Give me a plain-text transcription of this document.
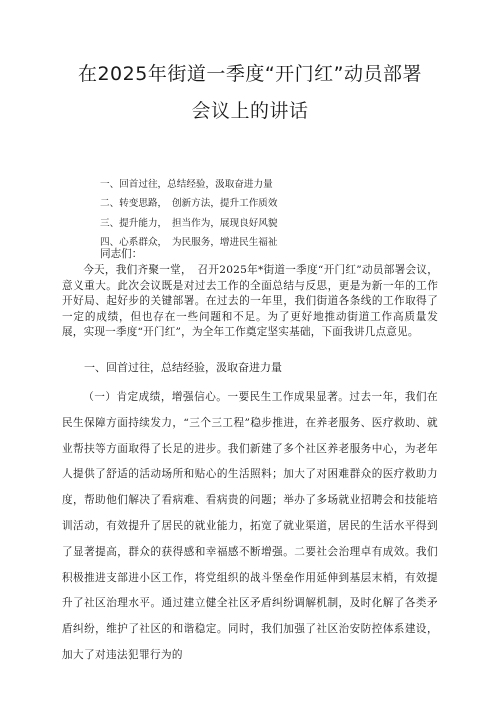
在2025年街道一季度“开门红”动员部署
会议上的讲话
一、回首过往，总结经验，汲取奋进力量
二、转变思路，　创新方法，提升工作质效
三、提升能力，　担当作为，展现良好风貌
四、心系群众，　为民服务，增进民生福祉
同志们：
今天，我们齐聚一堂，　召开2025年*街道一季度“开门红”动员部署会议，意义重大。此次会议既是对过去工作的全面总结与反思，更是为新一年的工作开好局、起好步的关键部署。在过去的一年里，我们街道各条线的工作取得了一定的成绩，但也存在一些问题和不足。为了更好地推动街道工作高质量发展，实现一季度“开门红”，为全年工作奠定坚实基础，下面我讲几点意见。
一、回首过往，总结经验，汲取奋进力量
（一）肯定成绩，增强信心。一要民生工作成果显著。过去一年，我们在民生保障方面持续发力，“三个三工程”稳步推进，在养老服务、医疗救助、就业帮扶等方面取得了长足的进步。我们新建了多个社区养老服务中心，为老年人提供了舒适的活动场所和贴心的生活照料；加大了对困难群众的医疗救助力度，帮助他们解决了看病难、看病贵的问题；举办了多场就业招聘会和技能培训活动，有效提升了居民的就业能力，拓宽了就业渠道，居民的生活水平得到了显著提高，群众的获得感和幸福感不断增强。二要社会治理卓有成效。我们积极推进支部进小区工作，将党组织的战斗堡垒作用延伸到基层末梢，有效提升了社区治理水平。通过建立健全社区矛盾纠纷调解机制，及时化解了各类矛盾纠纷，维护了社区的和谐稳定。同时，我们加强了社区治安防控体系建设，加大了对违法犯罪行为的
